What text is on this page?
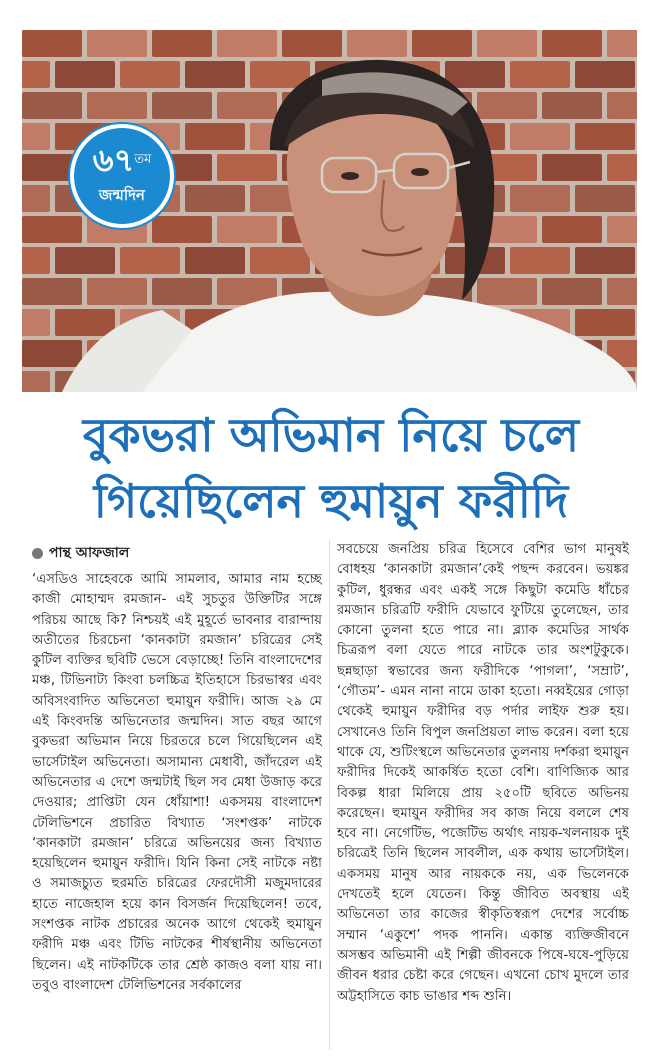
$৬৭^{তম}$
জন্মদিন
বুকভরা অভিমান নিয়ে চলে
গিয়েছিলেন হুমায়ুন ফরীদি
পান্থ আফজাল

‘এসডিও সাহেবকে আমি সামলাব, আমার নাম হচ্ছে কাজী মোহাম্মদ রমজান- এই সুচতুর উক্তিটির সঙ্গে পরিচয় আছে কি? নিশ্চয়ই এই মুহূর্তে ভাবনার বারান্দায় অতীতের চিরচেনা ‘কানকাটা রমজান’ চরিত্রের সেই কুটিল ব্যক্তির ছবিটি ভেসে বেড়াচ্ছে! তিনি বাংলাদেশের মঞ্চ, টিভিনাট্য কিংবা চলচ্চিত্র ইতিহাসে চিরভাস্বর এবং অবিসংবাদিত অভিনেতা হুমায়ুন ফরীদি। আজ ২৯ মে এই কিংবদন্তি অভিনেতার জন্মদিন। সাত বছর আগে বুকভরা অভিমান নিয়ে চিরতরে চলে গিয়েছিলেন এই ভার্সেটাইল অভিনেতা। অসামান্য মেধাবী, জাঁদরেল এই অভিনেতার এ দেশে জন্মটাই ছিল সব মেধা উজাড় করে দেওয়ার; প্রাপ্তিটা যেন ধোঁয়াশা! একসময় বাংলাদেশ টেলিভিশনে প্রচারিত বিখ্যাত ‘সংশপ্তক’ নাটকে ‘কানকাটা রমজান’ চরিত্রে অভিনয়ের জন্য বিখ্যাত হয়েছিলেন হুমায়ুন ফরীদি। যিনি কিনা সেই নাটকে নষ্টা ও সমাজচ্যুত হুরমতি চরিত্রের ফেরদৌসী মজুমদারের হাতে নাজেহাল হয়ে কান বিসর্জন দিয়েছিলেন! তবে, সংশপ্তক নাটক প্রচারের অনেক আগে থেকেই হুমায়ুন ফরীদি মঞ্চ এবং টিভি নাটকের শীর্ষস্থানীয় অভিনেতা ছিলেন। এই নাটকটিকে তার শ্রেষ্ঠ কাজও বলা যায় না। তবুও বাংলাদেশ টেলিভিশনের সর্বকালের

সবচেয়ে জনপ্রিয় চরিত্র হিসেবে বেশির ভাগ মানুষই বোধহয় ‘কানকাটা রমজান’কেই পছন্দ করবেন। ভয়ঙ্কর কুটিল, ধুরন্ধর এবং একই সঙ্গে কিছুটা কমেডি ধাঁচের রমজান চরিত্রটি ফরীদি যেভাবে ফুটিয়ে তুলেছেন, তার কোনো তুলনা হতে পারে না। ব্ল্যাক কমেডির সার্থক চিত্ররূপ বলা যেতে পারে নাটকে তার অংশটুকুকে। ছন্নছাড়া স্বভাবের জন্য ফরীদিকে ‘পাগলা’, ‘সম্রাট’, ‘গৌতম’- এমন নানা নামে ডাকা হতো। নব্বইয়ের গোড়া থেকেই হুমায়ুন ফরীদির বড় পর্দার লাইফ শুরু হয়। সেখানেও তিনি বিপুল জনপ্রিয়তা লাভ করেন। বলা হয়ে থাকে যে, শুটিংস্থলে অভিনেতার তুলনায় দর্শকরা হুমায়ুন ফরীদির দিকেই আকর্ষিত হতো বেশি। বাণিজ্যিক আর বিকল্প ধারা মিলিয়ে প্রায় ২৫০টি ছবিতে অভিনয় করেছেন। হুমায়ুন ফরীদির সব কাজ নিয়ে বললে শেষ হবে না। নেগেটিভ, পজেটিভ অর্থাৎ নায়ক-খলনায়ক দুই চরিত্রেই তিনি ছিলেন সাবলীল, এক কথায় ভার্সেটাইল। একসময় মানুষ আর নায়ককে নয়, এক ভিলেনকে দেখতেই হলে যেতেন। কিন্তু জীবিত অবস্থায় এই অভিনেতা তার কাজের স্বীকৃতিস্বরূপ দেশের সর্বোচ্চ সম্মান ‘একুশে’ পদক পাননি। একান্ত ব্যক্তিজীবনে অসম্ভব অভিমানী এই শিল্পী জীবনকে পিষে-ঘষে-পুড়িয়ে জীবন ধরার চেষ্টা করে গেছেন। এখনো চোখ মুদলে তার অট্টহাসিতে কাচ ভাঙার শব্দ শুনি।
